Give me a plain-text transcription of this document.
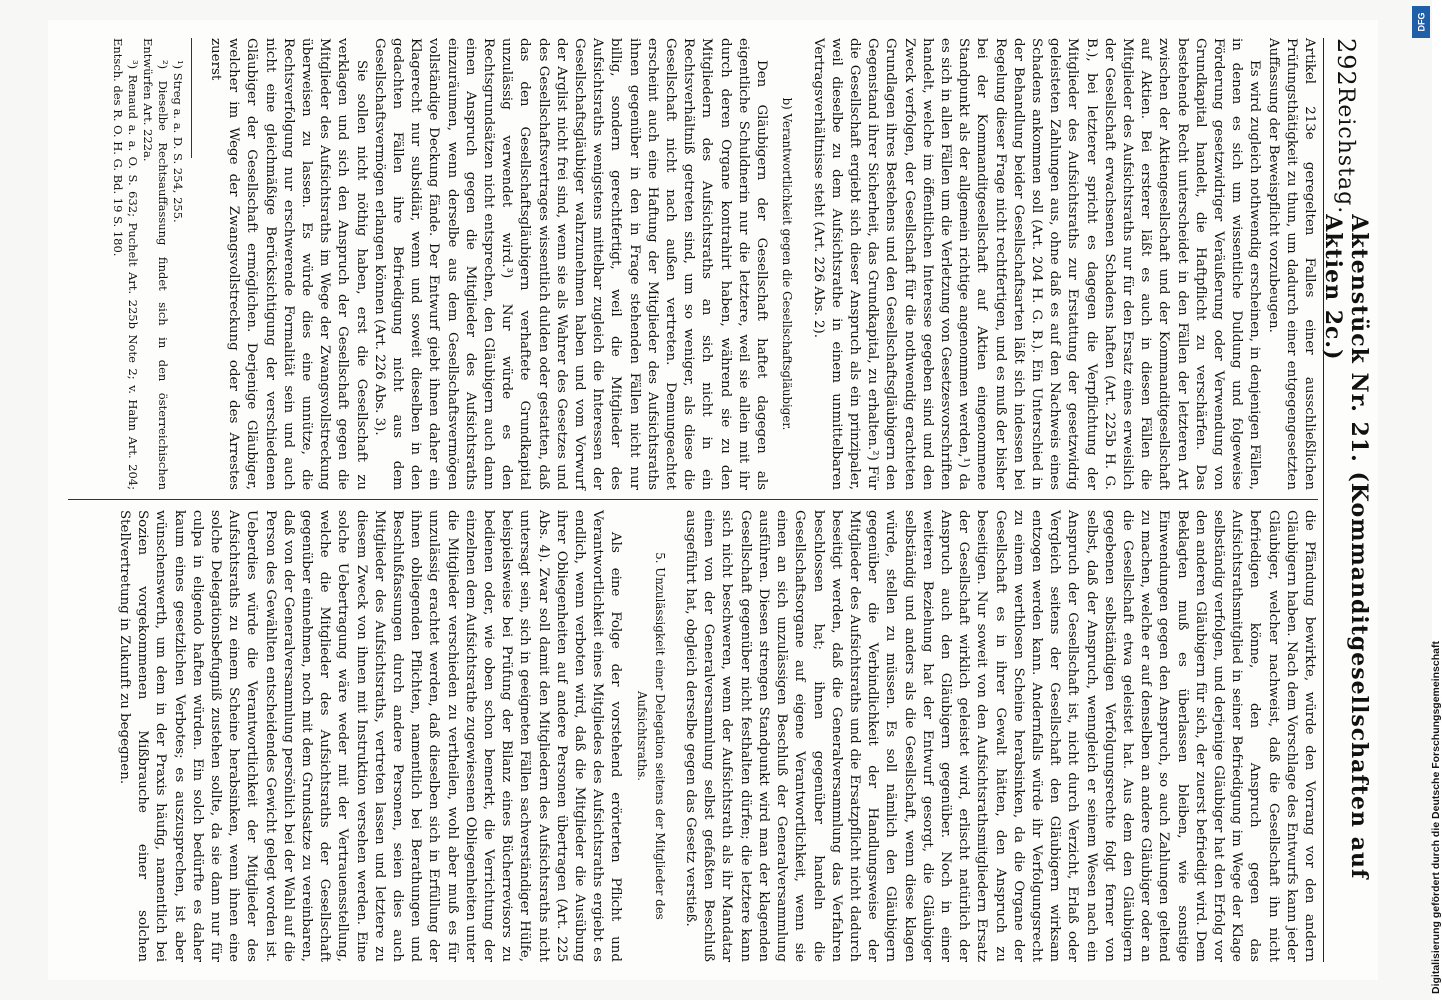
292
Reichstag.
Aktenstück Nr. 21. (Kommanditgesellschaften auf Aktien 2c.)

Artikel 213e geregelten Falles einer ausschließlichen Prüfungsthätigkeit zu thun, um dadurch einer entgegengesetzten Auffassung der Beweispflicht vorzubeugen.

Es wird zugleich nothwendig erscheinen, in denjenigen Fällen, in denen es sich um wissentliche Duldung und folgeweise Förderung gesetzwidriger Veräußerung oder Verwendung von Grundkapital handelt, die Haftpflicht zu verschärfen. Das bestehende Recht unterscheidet in den Fällen der letzteren Art zwischen der Aktiengesellschaft und der Kommanditgesellschaft auf Aktien. Bei ersterer läßt es auch in diesen Fällen die Mitglieder des Aufsichtsraths nur für den Ersatz eines erweislich der Gesellschaft erwachsenen Schadens haften (Art. 225b H. G. B.), bei letzterer spricht es dagegen die Verpflichtung der Mitglieder des Aufsichtsraths zur Erstattung der gesetzwidrig geleisteten Zahlungen aus, ohne daß es auf den Nachweis eines Schadens ankommen soll (Art. 204 H. G. B.). Ein Unterschied in der Behandlung beider Gesellschaftsarten läßt sich indessen bei Regelung dieser Frage nicht rechtfertigen, und es muß der bisher bei der Kommanditgesellschaft auf Aktien eingenommene Standpunkt als der allgemein richtige angenommen werden,¹) da es sich in allen Fällen um die Verletzung von Gesetzesvorschriften handelt, welche im öffentlichen Interesse gegeben sind und den Zweck verfolgen, der Gesellschaft für die nothwendig erachteten Grundlagen ihres Bestehens und den Gesellschaftsgläubigern den Gegenstand ihrer Sicherheit, das Grundkapital, zu erhalten.²) Für die Gesellschaft ergiebt sich dieser Anspruch als ein prinzipaler, weil dieselbe zu dem Aufsichtsrathe in einem unmittelbaren Vertragsverhältnisse steht (Art. 226 Abs. 2).

b) Verantwortlichkeit gegen die Gesellschaftsgläubiger.

Den Gläubigern der Gesellschaft haftet dagegen als eigentliche Schuldnerin nur die letztere, weil sie allein mit ihr durch deren Organe kontrahirt haben, während sie zu den Mitgliedern des Aufsichtsraths an sich nicht in ein Rechtsverhältniß getreten sind, um so weniger, als diese die Gesellschaft nicht nach außen vertreten. Demungeachtet erscheint auch eine Haftung der Mitglieder des Aufsichtsraths ihnen gegenüber in den in Frage stehenden Fällen nicht nur billig, sondern gerechtfertigt, weil die Mitglieder des Aufsichtsraths wenigstens mittelbar zugleich die Interessen der Gesellschaftsgläubiger wahrzunehmen haben und vom Vorwurf der Arglist nicht frei sind, wenn sie als Wahrer des Gesetzes und des Gesellschaftsvertrages wissentlich dulden oder gestatten, daß das den Gesellschaftsgläubigern verhaftete Grundkapital unzulässig verwendet wird.³) Nur würde es den Rechtsgrundsätzen nicht entsprechen, den Gläubigern auch dann einen Anspruch gegen die Mitglieder des Aufsichtsraths einzuräumen, wenn derselbe aus dem Gesellschaftsvermögen vollständige Deckung fände. Der Entwurf giebt ihnen daher ein Klagerecht nur subsidiär, wenn und soweit dieselben in den gedachten Fällen ihre Befriedigung nicht aus dem Gesellschaftsvermögen erlangen können (Art. 226 Abs. 3).

Sie sollen nicht nöthig haben, erst die Gesellschaft zu verklagen und sich den Anspruch der Gesellschaft gegen die Mitglieder des Aufsichtsraths im Wege der Zwangsvollstreckung überweisen zu lassen. Es würde dies eine unnütze, die Rechtsverfolgung nur erschwerende Formalität sein und auch nicht eine gleichmäßige Berücksichtigung der verschiedenen Gläubiger der Gesellschaft ermöglichen. Derjenige Gläubiger, welcher im Wege der Zwangsvollstreckung oder des Arrestes zuerst

¹) Streg a. a. D. S. 254, 255.

²) Dieselbe Rechtsauffassung findet sich in den österreichischen Entwürfen Art. 222a.

³) Renaud a. a. O. S. 632; Puchelt Art. 225b Note 2; v. Hahn Art. 204; Entsch. des R. O. H. G. Bd. 19 S. 180.

die Pfändung bewirkte, würde den Vorrang vor den andern Gläubigern haben. Nach dem Vorschlage des Entwurfs kann jeder Gläubiger, welcher nachweist, daß die Gesellschaft ihn nicht befriedigen könne, den Anspruch gegen das Aufsichtsrathsmitglied in seiner Befriedigung im Wege der Klage selbständig verfolgen, und derjenige Gläubiger hat den Erfolg vor den anderen Gläubigern für sich, der zuerst befriedigt wird. Dem Beklagten muß es überlassen bleiben, wie sonstige Einwendungen gegen den Anspruch, so auch Zahlungen geltend zu machen, welche er auf denselben an andere Gläubiger oder an die Gesellschaft etwa geleistet hat. Aus dem den Gläubigern gegebenen selbständigen Verfolgungsrechte folgt ferner von selbst, daß der Anspruch, wenngleich er seinem Wesen nach ein Anspruch der Gesellschaft ist, nicht durch Verzicht, Erlaß oder Vergleich seitens der Gesellschaft den Gläubigern wirksam entzogen werden kann. Andernfalls würde ihr Verfolgungsrecht zu einem werthlosen Scheine herabsinken, da die Organe der Gesellschaft es in ihrer Gewalt hätten, den Anspruch zu beseitigen. Nur soweit von den Aufsichtsrathsmitgliedern Ersatz der Gesellschaft wirklich geleistet wird, erlischt natürlich der Anspruch auch den Gläubigern gegenüber. Noch in einer weiteren Beziehung hat der Entwurf gesorgt, die Gläubiger selbständig und anders als die Gesellschaft, wenn diese klagen würde, stellen zu müssen. Es soll nämlich den Gläubigern gegenüber die Verbindlichkeit der Handlungsweise der Mitglieder des Aufsichtsraths und die Ersatzpflicht nicht dadurch beseitigt werden, daß die Generalversammlung das Verfahren beschlossen hat; ihnen gegenüber handeln die Gesellschaftsorgane auf eigene Verantwortlichkeit, wenn sie einen an sich unzulässigen Beschluß der Generalversammlung ausführen. Diesen strengen Standpunkt wird man der klagenden Gesellschaft gegenüber nicht festhalten dürfen; die letztere kann sich nicht beschweren, wenn der Aufsichtsrath als ihr Mandatar einen von der Generalversammlung selbst gefaßten Beschluß ausgeführt hat, obgleich derselbe gegen das Gesetz verstieß.

5. Unzulässigkeit einer Delegation seitens der Mitglieder des Aufsichtsraths.

Als eine Folge der vorstehend erörterten Pflicht und Verantwortlichkeit eines Mitgliedes des Aufsichtsraths ergiebt es endlich, wenn verboten wird, daß die Mitglieder die Ausübung ihrer Obliegenheiten auf andere Personen übertragen (Art. 225 Abs. 4). Zwar soll damit den Mitgliedern des Aufsichtsraths nicht untersagt sein, sich in geeigneten Fällen sachverständiger Hülfe, beispielsweise bei Prüfung der Bilanz eines Bücherrevisors zu bedienen oder, wie oben schon bemerkt, die Verrichtung der einzelnen dem Aufsichtsrathe zugewiesenen Obliegenheiten unter die Mitglieder verschieden zu vertheilen, wohl aber muß es für unzulässig erachtet werden, daß dieselben sich in Erfüllung der ihnen obliegenden Pflichten, namentlich bei Berathungen und Beschlußfassungen durch andere Personen, seien dies auch Mitglieder des Aufsichtsraths, vertreten lassen und letztere zu diesem Zweck von ihnen mit Instruktion versehen werden. Eine solche Uebertragung wäre weder mit der Vertrauensstellung, welche die Mitglieder des Aufsichtsraths der Gesellschaft gegenüber einnehmen, noch mit dem Grundsatze zu vereinbaren, daß von der Generalversammlung persönlich bei der Wahl auf die Person des Gewählten entscheidendes Gewicht gelegt worden ist. Ueberdies würde die Verantwortlichkeit der Mitglieder des Aufsichtsraths zu einem Scheine herabsinken, wenn ihnen eine solche Delegationsbefugniß zustehen sollte, da sie dann nur für culpa in eligendo haften würden. Ein solch bedürfte es daher kaum eines gesetzlichen Verbotes; es auszusprechen, ist aber wünschenswerth, um dem in der Praxis häufig, namentlich bei Sozien vorgekommenen Mißbrauche einer solchen Stellvertretung in Zukunft zu begegnen.

DFG
Digitalisierung gefördert durch die Deutsche Forschungsgemeinschaft
